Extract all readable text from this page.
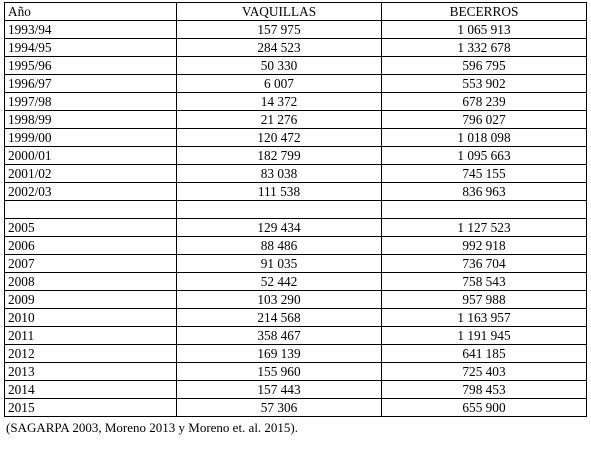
Año	VAQUILLAS	BECERROS
1993/94	157 975	1 065 913
1994/95	284 523	1 332 678
1995/96	50 330	596 795
1996/97	6 007	553 902
1997/98	14 372	678 239
1998/99	21 276	796 027
1999/00	120 472	1 018 098
2000/01	182 799	1 095 663
2001/02	83 038	745 155
2002/03	111 538	836 963

2005	129 434	1 127 523
2006	88 486	992 918
2007	91 035	736 704
2008	52 442	758 543
2009	103 290	957 988
2010	214 568	1 163 957
2011	358 467	1 191 945
2012	169 139	641 185
2013	155 960	725 403
2014	157 443	798 453
2015	57 306	655 900
(SAGARPA 2003, Moreno 2013 y Moreno et. al. 2015).
